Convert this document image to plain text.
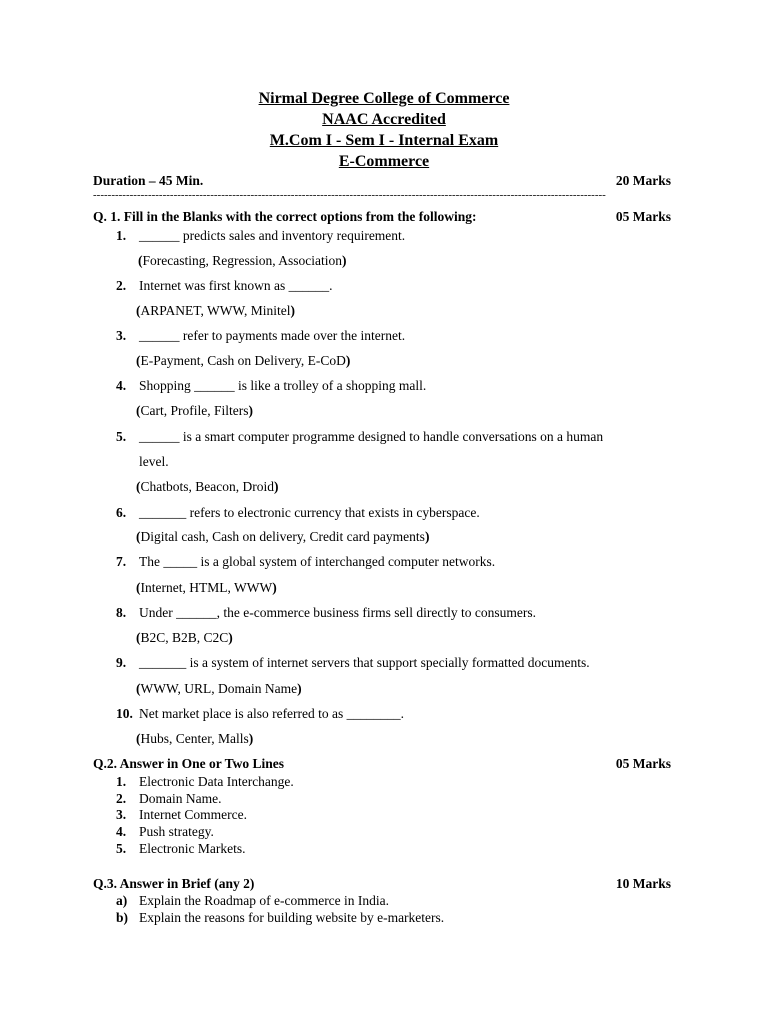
Nirmal Degree College of Commerce
NAAC Accredited
M.Com I - Sem I - Internal Exam
E-Commerce
Duration – 45 Min.	20 Marks
--------------------------------------------------------------------------------------------------------------------------------------------
Q. 1. Fill in the Blanks with the correct options from the following:	05 Marks
1. ______ predicts sales and inventory requirement.
(Forecasting, Regression, Association)
2. Internet was first known as ______.
(ARPANET, WWW, Minitel)
3. ______ refer to payments made over the internet.
(E-Payment, Cash on Delivery, E-CoD)
4. Shopping ______ is like a trolley of a shopping mall.
(Cart, Profile, Filters)
5. ______ is a smart computer programme designed to handle conversations on a human
level.
(Chatbots, Beacon, Droid)
6. _______ refers to electronic currency that exists in cyberspace.
(Digital cash, Cash on delivery, Credit card payments)
7. The _____ is a global system of interchanged computer networks.
(Internet, HTML, WWW)
8. Under ______, the e-commerce business firms sell directly to consumers.
(B2C, B2B, C2C)
9. _______ is a system of internet servers that support specially formatted documents.
(WWW, URL, Domain Name)
10. Net market place is also referred to as ________.
(Hubs, Center, Malls)
Q.2. Answer in One or Two Lines	05 Marks
1. Electronic Data Interchange.
2. Domain Name.
3. Internet Commerce.
4. Push strategy.
5. Electronic Markets.
Q.3. Answer in Brief (any 2)	10 Marks
a) Explain the Roadmap of e-commerce in India.
b) Explain the reasons for building website by e-marketers.
